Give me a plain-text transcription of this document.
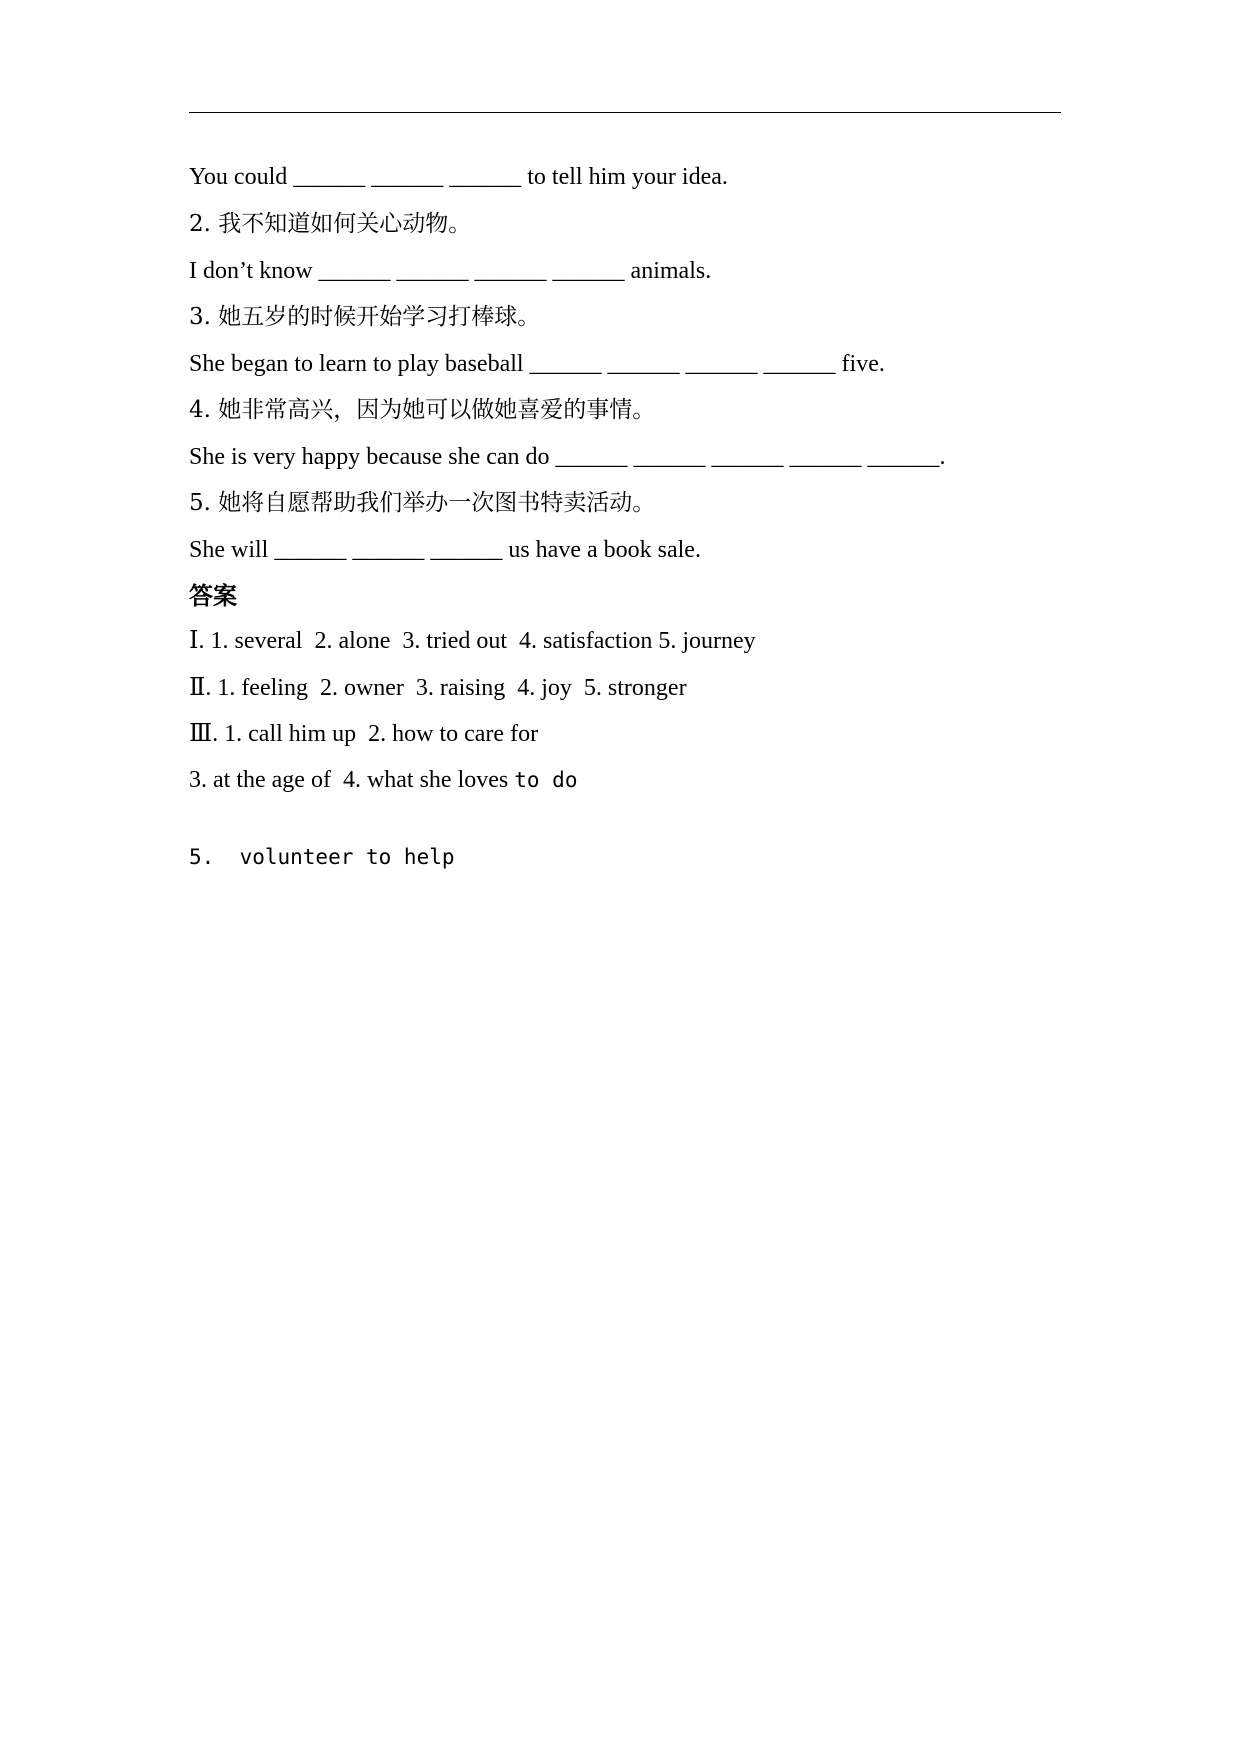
You could ______ ______ ______ to tell him your idea.
2. 我不知道如何关心动物。
I don’t know ______ ______ ______ ______ animals.
3. 她五岁的时候开始学习打棒球。
She began to learn to play baseball ______ ______ ______ ______ five.
4. 她非常高兴，因为她可以做她喜爱的事情。
She is very happy because she can do ______ ______ ______ ______ ______.
5. 她将自愿帮助我们举办一次图书特卖活动。
She will ______ ______ ______ us have a book sale.
答案
Ⅰ. 1. several  2. alone  3. tried out  4. satisfaction 5. journey
Ⅱ. 1. feeling  2. owner  3. raising  4. joy  5. stronger
Ⅲ. 1. call him up  2. how to care for
3. at the age of  4. what she loves to do
5.  volunteer to help
